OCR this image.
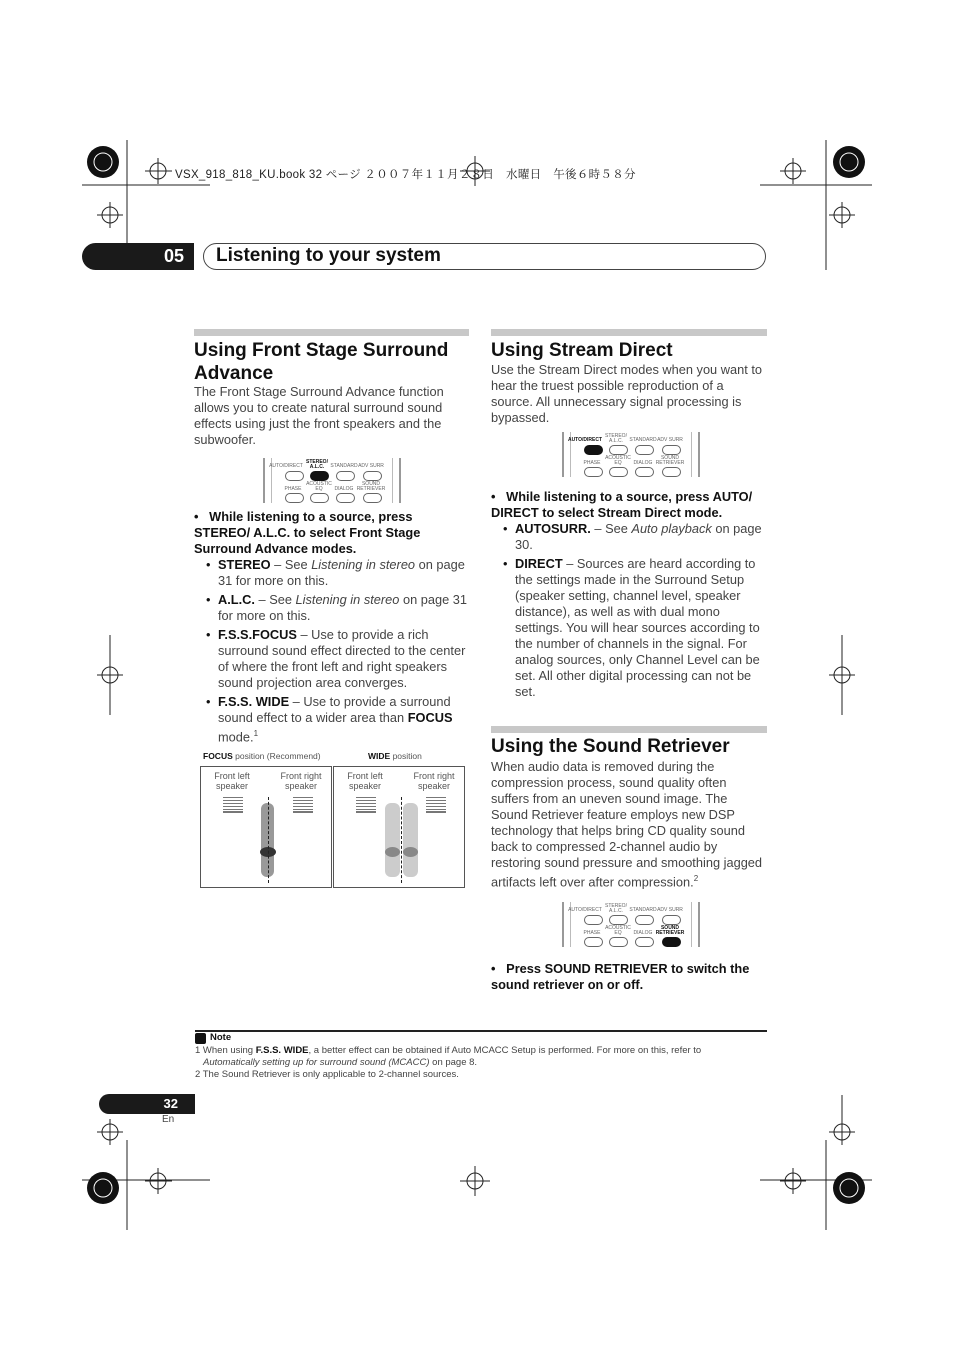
VSX_918_818_KU.book 32 ページ ２００７年１１月２８日　水曜日　午後６時５８分
05	Listening to your system
Using Front Stage Surround Advance

The Front Stage Surround Advance function allows you to create natural surround sound effects using just the front speakers and the subwoofer.

AUTO/DIRECT
STEREO/
A.L.C.	STANDARD ADV SURR
PHASE
ACOUSTIC
EQ	DIALOG
SOUND
RETRIEVER

•   While listening to a source, press STEREO/ A.L.C. to select Front Stage Surround Advance modes.

• STEREO – See Listening in stereo on page 31 for more on this.
• A.L.C. – See Listening in stereo on page 31 for more on this.
• F.S.S.FOCUS – Use to provide a rich surround sound effect directed to the center of where the front left and right speakers sound projection area converges.
• F.S.S. WIDE – Use to provide a surround sound effect to a wider area than FOCUS mode.$^1$
FOCUS position (Recommend)	WIDE position
Front left speaker
Front right speaker
Front left speaker
Front right speaker
Using Stream Direct

Use the Stream Direct modes when you want to hear the truest possible reproduction of a source. All unnecessary signal processing is bypassed.

AUTO/DIRECT
STEREO/
A.L.C.	STANDARD ADV SURR
PHASE
ACOUSTIC
EQ	DIALOG
SOUND
RETRIEVER

•   While listening to a source, press AUTO/ DIRECT to select Stream Direct mode.

• AUTOSURR. – See Auto playback on page 30.
• DIRECT – Sources are heard according to the settings made in the Surround Setup (speaker setting, channel level, speaker distance), as well as with dual mono settings. You will hear sources according to the number of channels in the signal. For analog sources, only Channel Level can be set. All other digital processing can not be set.
Using the Sound Retriever

When audio data is removed during the compression process, sound quality often suffers from an uneven sound image. The Sound Retriever feature employs new DSP technology that helps bring CD quality sound back to compressed 2-channel audio by restoring sound pressure and smoothing jagged artifacts left over after compression.$^2$

AUTO/DIRECT
STEREO/
A.L.C.	STANDARD ADV SURR
PHASE
ACOUSTIC
EQ	DIALOG
SOUND
RETRIEVER

•   Press SOUND RETRIEVER to switch the sound retriever on or off.

Note
1 When using F.S.S. WIDE, a better effect can be obtained if Auto MCACC Setup is performed. For more on this, refer to
Automatically setting up for surround sound (MCACC) on page 8.
2 The Sound Retriever is only applicable to 2-channel sources.
32
En
